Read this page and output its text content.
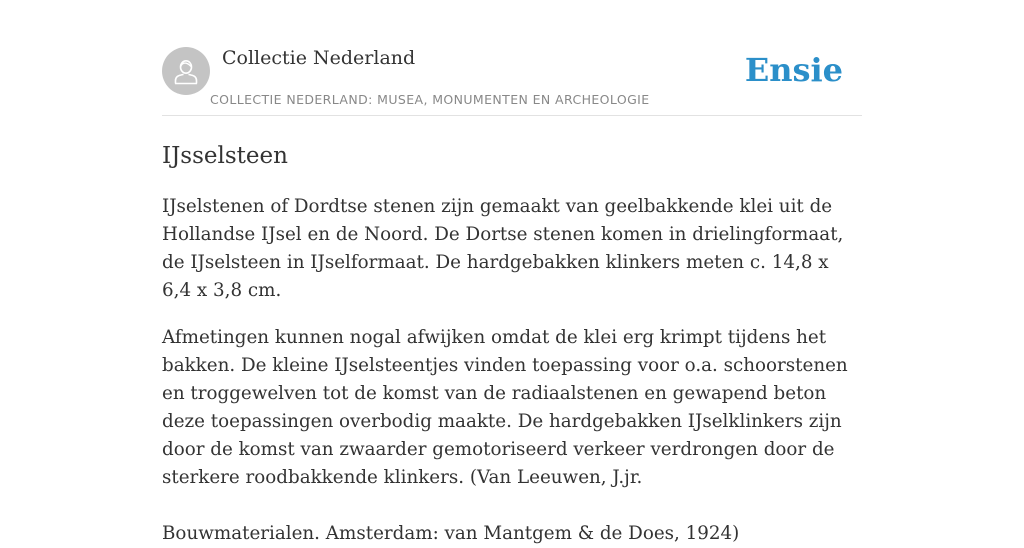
Collectie Nederland
COLLECTIE NEDERLAND: MUSEA, MONUMENTEN EN ARCHEOLOGIE
Ensie
IJsselsteen

IJselstenen of Dordtse stenen zijn gemaakt van geelbakkende klei uit de Hollandse IJsel en de Noord. De Dortse stenen komen in drielingformaat, de IJselsteen in IJselformaat. De hardgebakken klinkers meten c. 14,8 x 6,4 x 3,8 cm.

Afmetingen kunnen nogal afwijken omdat de klei erg krimpt tijdens het bakken. De kleine IJselsteentjes vinden toepassing voor o.a. schoorstenen en troggewelven tot de komst van de radiaalstenen en gewapend beton deze toepassingen overbodig maakte. De hardgebakken IJselklinkers zijn door de komst van zwaarder gemotoriseerd verkeer verdrongen door de sterkere roodbakkende klinkers. (Van Leeuwen, J.jr.

Bouwmaterialen. Amsterdam: van Mantgem & de Does, 1924)
